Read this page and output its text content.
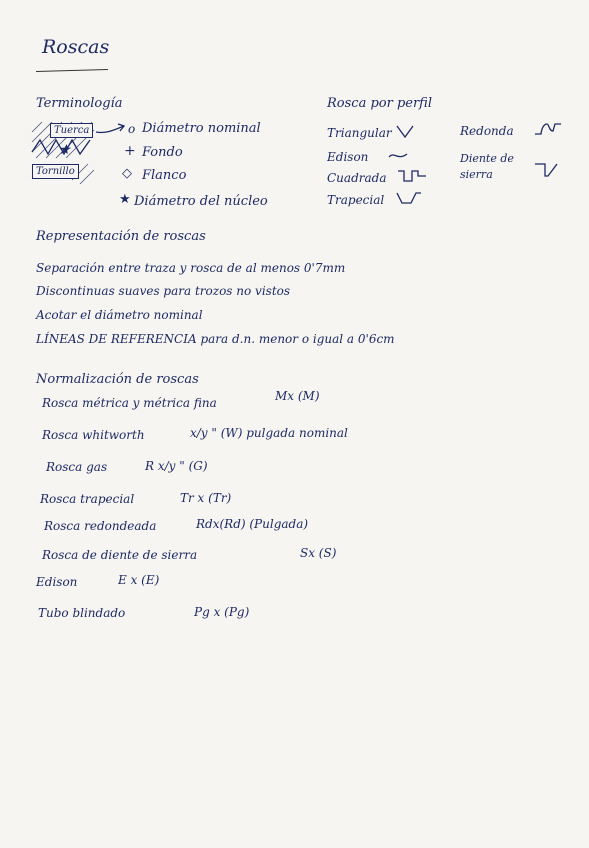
Roscas
Terminología
Tuerca
Tornillo
★
o Diámetro nominal
+ Fondo
◇ Flanco
★ Diámetro del núcleo
Rosca por perfil
Triangular
Edison
Cuadrada
Trapecial
Redonda
Diente de sierra
Representación de roscas
Separación entre traza y rosca de al menos 0'7mm
Discontinuas suaves para trozos no vistos
Acotar el diámetro nominal
LÍNEAS DE REFERENCIA para d.n. menor o igual a 0'6cm
Normalización de roscas
Rosca métrica y métrica fina	Mx (M)
Rosca whitworth	x/y " (W) pulgada nominal
Rosca gas	R x/y " (G)
Rosca trapecial	Tr x (Tr)
Rosca redondeada	Rdx(Rd) (Pulgada)
Rosca de diente de sierra	Sx (S)
Edison	E x (E)
Tubo blindado	Pg x (Pg)
